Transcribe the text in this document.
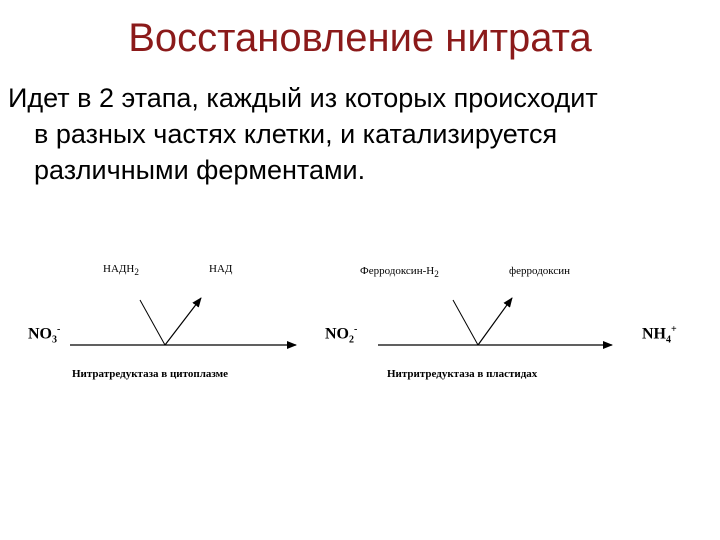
Восстановление нитрата
Идет в 2 этапа, каждый из которых происходит
в разных частях клетки, и катализируется
различными ферментами.
$НАДН_2$	НАД	Ферродоксин-$Н_2$	ферродоксин
$NO_3^-$	$NO_2^-$	$NH_4^+$
Нитратредуктаза в цитоплазме	Нитритредуктаза в пластидах
